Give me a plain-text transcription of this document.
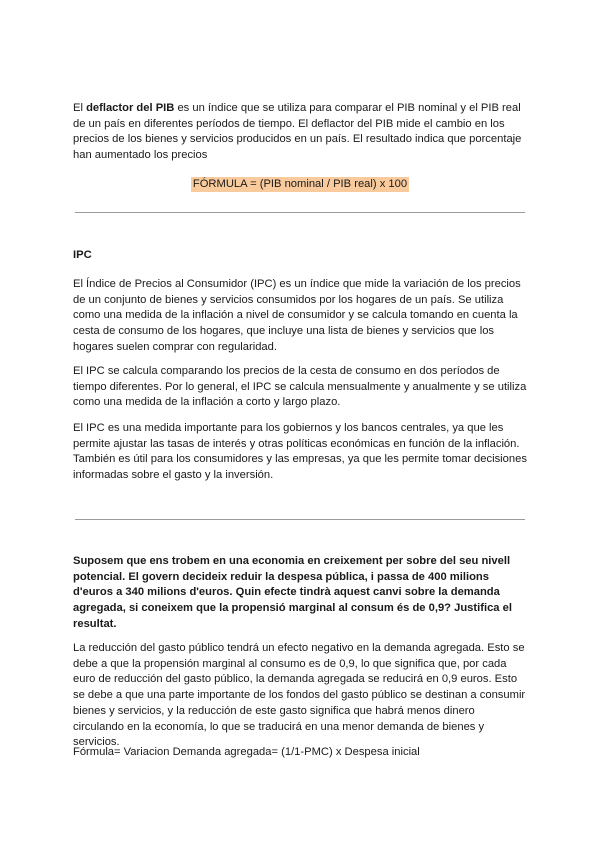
El deflactor del PIB es un índice que se utiliza para comparar el PIB nominal y el PIB real de un país en diferentes períodos de tiempo. El deflactor del PIB mide el cambio en los precios de los bienes y servicios producidos en un país. El resultado indica que porcentaje han aumentado los precios

FÓRMULA = (PIB nominal / PIB real) x 100

IPC

El Índice de Precios al Consumidor (IPC) es un índice que mide la variación de los precios de un conjunto de bienes y servicios consumidos por los hogares de un país. Se utiliza como una medida de la inflación a nivel de consumidor y se calcula tomando en cuenta la cesta de consumo de los hogares, que incluye una lista de bienes y servicios que los hogares suelen comprar con regularidad.

El IPC se calcula comparando los precios de la cesta de consumo en dos períodos de tiempo diferentes. Por lo general, el IPC se calcula mensualmente y anualmente y se utiliza como una medida de la inflación a corto y largo plazo.

El IPC es una medida importante para los gobiernos y los bancos centrales, ya que les permite ajustar las tasas de interés y otras políticas económicas en función de la inflación. También es útil para los consumidores y las empresas, ya que les permite tomar decisiones informadas sobre el gasto y la inversión.

Suposem que ens trobem en una economia en creixement per sobre del seu nivell potencial. El govern decideix reduir la despesa pública, i passa de 400 milions d'euros a 340 milions d'euros. Quin efecte tindrà aquest canvi sobre la demanda agregada, si coneixem que la propensió marginal al consum és de 0,9? Justifica el resultat.

La reducción del gasto público tendrá un efecto negativo en la demanda agregada. Esto se debe a que la propensión marginal al consumo es de 0,9, lo que significa que, por cada euro de reducción del gasto público, la demanda agregada se reducirá en 0,9 euros. Esto se debe a que una parte importante de los fondos del gasto público se destinan a consumir bienes y servicios, y la reducción de este gasto significa que habrá menos dinero circulando en la economía, lo que se traducirá en una menor demanda de bienes y servicios.

Fórmula= Variacion Demanda agregada= (1/1-PMC) x Despesa inicial
